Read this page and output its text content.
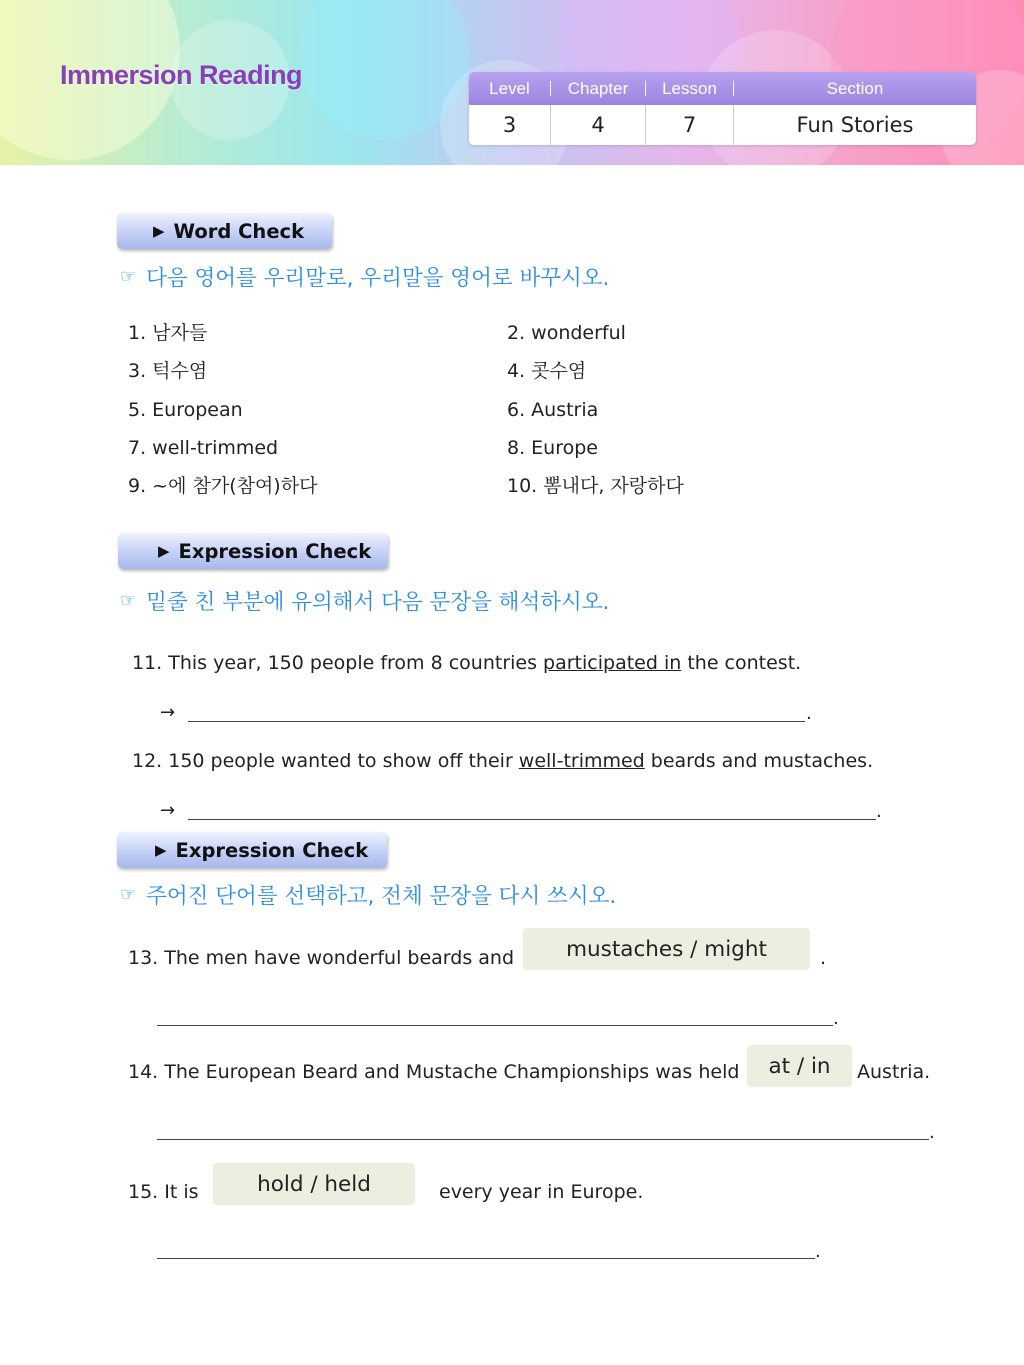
Immersion Reading	Level	Chapter	Lesson	Section
3	4	7	Fun Stories
▶ Word Check
☞ 다음 영어를 우리말로, 우리말을 영어로 바꾸시오.
1. 남자들	2. wonderful
3. 턱수염	4. 콧수염
5. European	6. Austria
7. well-trimmed	8. Europe
9. ~에 참가(참여)하다	10. 뽐내다, 자랑하다
▶ Expression Check
☞ 밑줄 친 부분에 유의해서 다음 문장을 해석하시오.
11. This year, 150 people from 8 countries participated in the contest.
→	.
12. 150 people wanted to show off their well-trimmed beards and mustaches.
→	.
▶ Expression Check
☞ 주어진 단어를 선택하고, 전체 문장을 다시 쓰시오.
13. The men have wonderful beards and	mustaches / might	.
.
14. The European Beard and Mustache Championships was held	at / in	Austria.
.
15. It is	hold / held	every year in Europe.
.
